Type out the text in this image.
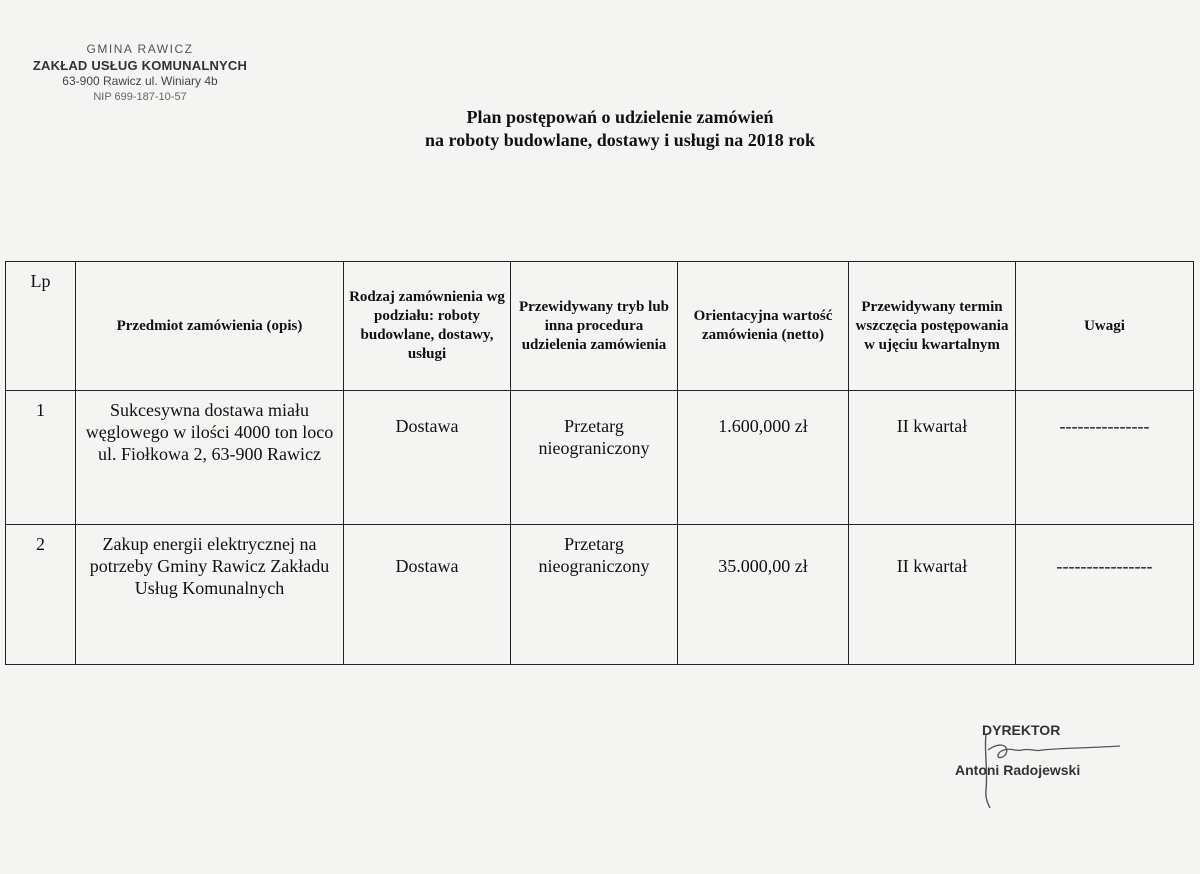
GMINA RAWICZ
ZAKŁAD USŁUG KOMUNALNYCH
63-900 Rawicz ul. Winiary 4b
NIP 699-187-10-57
Plan postępowań o udzielenie zamówień
na roboty budowlane, dostawy i usługi na 2018 rok
Lp	Przedmiot zamówienia (opis)	Rodzaj zamównienia wg podziału: roboty budowlane, dostawy, usługi	Przewidywany tryb lub inna procedura udzielenia zamówienia	Orientacyjna wartość zamówienia (netto)	Przewidywany termin wszczęcia postępowania w ujęciu kwartalnym	Uwagi
1	Sukcesywna dostawa miału węglowego w ilości 4000 ton loco ul. Fiołkowa 2, 63-900 Rawicz	Dostawa	Przetarg nieograniczony	1.600,000 zł	II kwartał	---------------
2	Zakup energii elektrycznej na potrzeby Gminy Rawicz Zakładu Usług Komunalnych	Dostawa	Przetarg nieograniczony	35.000,00 zł	II kwartał	----------------
DYREKTOR
Antoni Radojewski
